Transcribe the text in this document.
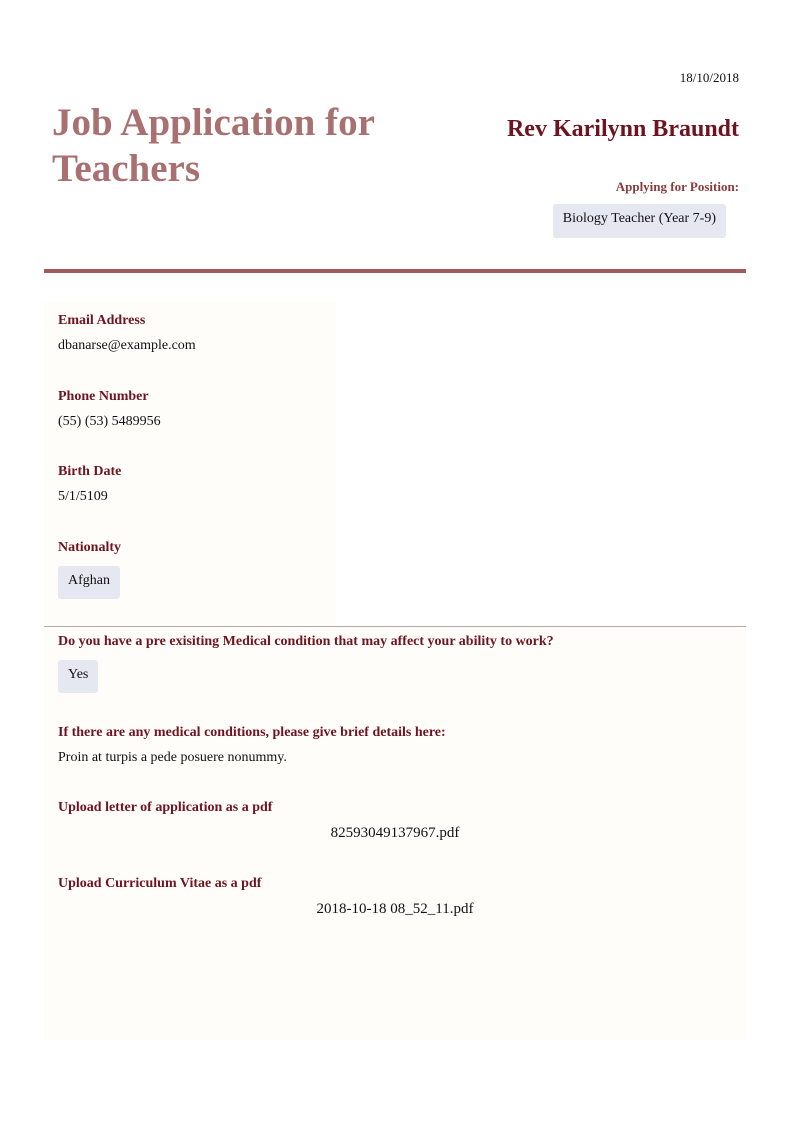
18/10/2018
Job Application for Teachers
Rev Karilynn Braundt
Applying for Position:
Biology Teacher (Year 7-9)
Email Address
dbanarse@example.com
Phone Number
(55) (53) 5489956
Birth Date
5/1/5109
Nationalty
Afghan
Do you have a pre exisiting Medical condition that may affect your ability to work?
Yes
If there are any medical conditions, please give brief details here:
Proin at turpis a pede posuere nonummy.
Upload letter of application as a pdf
82593049137967.pdf
Upload Curriculum Vitae as a pdf
2018-10-18 08_52_11.pdf
